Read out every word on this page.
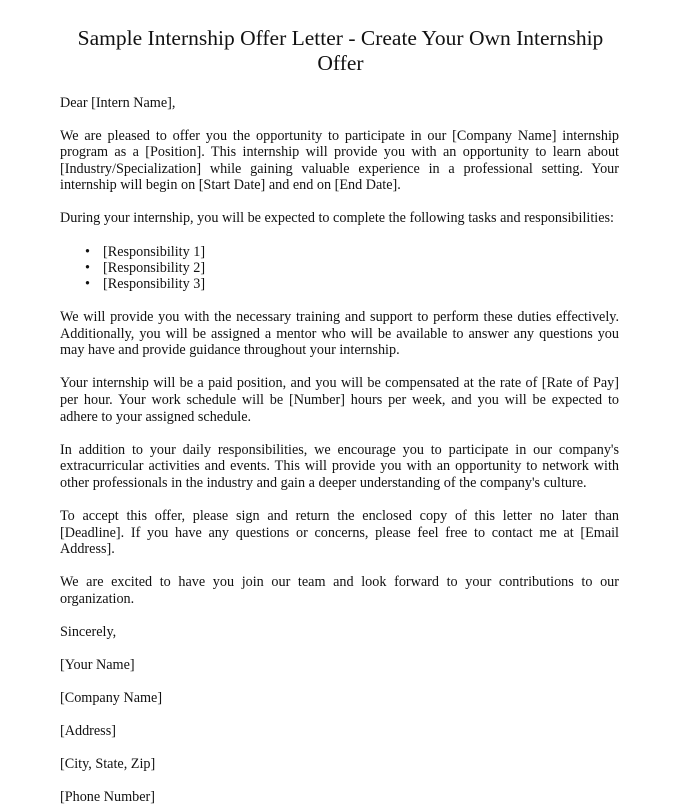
Sample Internship Offer Letter - Create Your Own Internship Offer

Dear [Intern Name],

We are pleased to offer you the opportunity to participate in our [Company Name] internship program as a [Position]. This internship will provide you with an opportunity to learn about [Industry/Specialization] while gaining valuable experience in a professional setting. Your internship will begin on [Start Date] and end on [End Date].

During your internship, you will be expected to complete the following tasks and responsibilities:

• [Responsibility 1]
• [Responsibility 2]
• [Responsibility 3]

We will provide you with the necessary training and support to perform these duties effectively. Additionally, you will be assigned a mentor who will be available to answer any questions you may have and provide guidance throughout your internship.

Your internship will be a paid position, and you will be compensated at the rate of [Rate of Pay] per hour. Your work schedule will be [Number] hours per week, and you will be expected to adhere to your assigned schedule.

In addition to your daily responsibilities, we encourage you to participate in our company's extracurricular activities and events. This will provide you with an opportunity to network with other professionals in the industry and gain a deeper understanding of the company's culture.

To accept this offer, please sign and return the enclosed copy of this letter no later than [Deadline]. If you have any questions or concerns, please feel free to contact me at [Email Address].

We are excited to have you join our team and look forward to your contributions to our organization.

Sincerely,

[Your Name]

[Company Name]

[Address]

[City, State, Zip]

[Phone Number]
